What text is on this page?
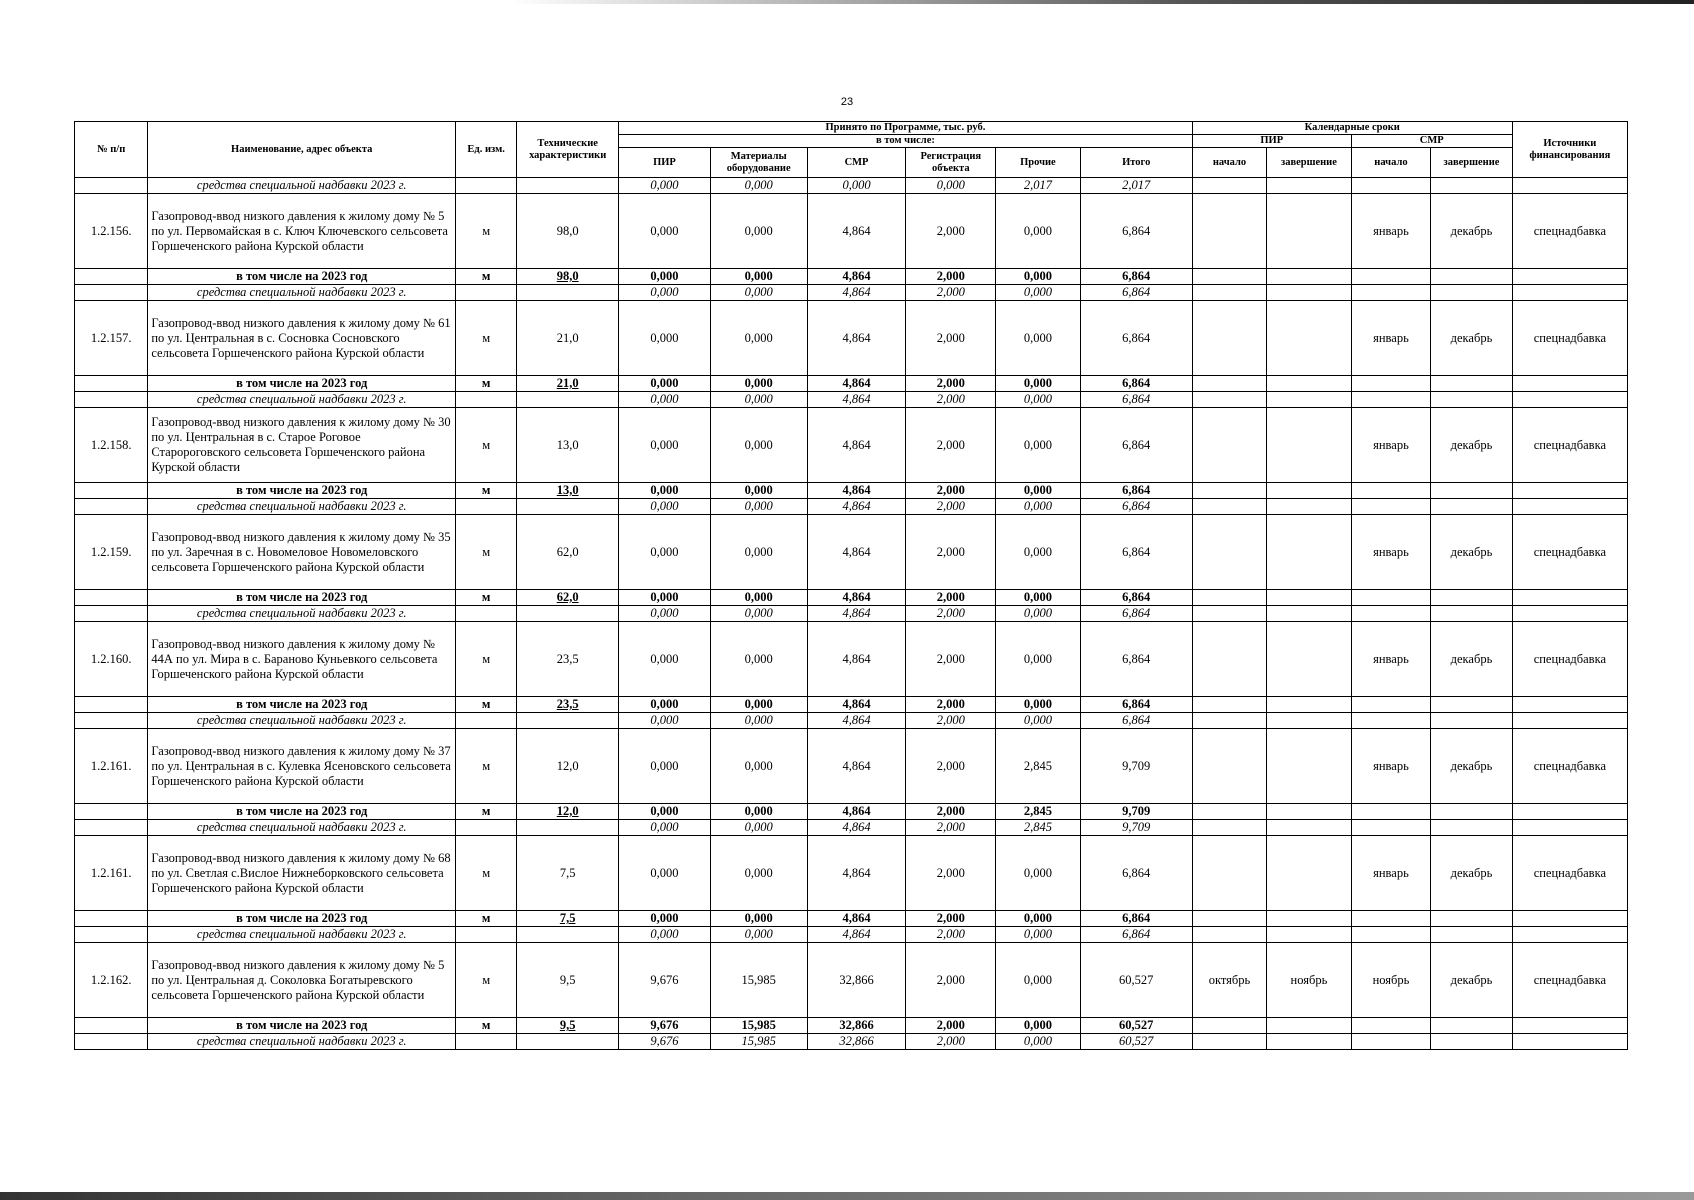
23
№ п/п	Наименование, адрес объекта	Ед. изм.	Технические характеристики	Принято по Программе, тыс. руб.						Календарные сроки				Источники финансирования
				в том числе:						ПИР		СМР		
				ПИР	Материалы оборудование	СМР	Регистрация объекта	Прочие	Итого	начало	завершение	начало	завершение	
	средства специальной надбавки 2023 г.			0,000	0,000	0,000	0,000	2,017	2,017					
1.2.156.	Газопровод-ввод низкого давления к жилому дому № 5 по ул. Первомайская в с. Ключ Ключевского сельсовета Горшеченского района Курской области	м	98,0	0,000	0,000	4,864	2,000	0,000	6,864			январь	декабрь	спецнадбавка
	в том числе на 2023 год	м	98,0	0,000	0,000	4,864	2,000	0,000	6,864					
	средства специальной надбавки 2023 г.			0,000	0,000	4,864	2,000	0,000	6,864					
1.2.157.	Газопровод-ввод низкого давления к жилому дому № 61 по ул. Центральная в с. Сосновка Сосновского сельсовета Горшеченского района Курской области	м	21,0	0,000	0,000	4,864	2,000	0,000	6,864			январь	декабрь	спецнадбавка
	в том числе на 2023 год	м	21,0	0,000	0,000	4,864	2,000	0,000	6,864					
	средства специальной надбавки 2023 г.			0,000	0,000	4,864	2,000	0,000	6,864					
1.2.158.	Газопровод-ввод низкого давления к жилому дому № 30 по ул. Центральная в с. Старое Роговое Старороговского сельсовета Горшеченского района Курской области	м	13,0	0,000	0,000	4,864	2,000	0,000	6,864			январь	декабрь	спецнадбавка
	в том числе на 2023 год	м	13,0	0,000	0,000	4,864	2,000	0,000	6,864					
	средства специальной надбавки 2023 г.			0,000	0,000	4,864	2,000	0,000	6,864					
1.2.159.	Газопровод-ввод низкого давления к жилому дому № 35 по ул. Заречная в с. Новомеловое Новомеловского сельсовета Горшеченского района Курской области	м	62,0	0,000	0,000	4,864	2,000	0,000	6,864			январь	декабрь	спецнадбавка
	в том числе на 2023 год	м	62,0	0,000	0,000	4,864	2,000	0,000	6,864					
	средства специальной надбавки 2023 г.			0,000	0,000	4,864	2,000	0,000	6,864					
1.2.160.	Газопровод-ввод низкого давления к жилому дому № 44А по ул. Мира в с. Бараново Куньевкого сельсовета Горшеченского района Курской области	м	23,5	0,000	0,000	4,864	2,000	0,000	6,864			январь	декабрь	спецнадбавка
	в том числе на 2023 год	м	23,5	0,000	0,000	4,864	2,000	0,000	6,864					
	средства специальной надбавки 2023 г.			0,000	0,000	4,864	2,000	0,000	6,864					
1.2.161.	Газопровод-ввод низкого давления к жилому дому № 37 по ул. Центральная в с. Кулевка Ясеновского сельсовета Горшеченского района Курской области	м	12,0	0,000	0,000	4,864	2,000	2,845	9,709			январь	декабрь	спецнадбавка
	в том числе на 2023 год	м	12,0	0,000	0,000	4,864	2,000	2,845	9,709					
	средства специальной надбавки 2023 г.			0,000	0,000	4,864	2,000	2,845	9,709					
1.2.161.	Газопровод-ввод низкого давления к жилому дому № 68 по ул. Светлая с.Вислое Нижнеборковского сельсовета Горшеченского района Курской области	м	7,5	0,000	0,000	4,864	2,000	0,000	6,864			январь	декабрь	спецнадбавка
	в том числе на 2023 год	м	7,5	0,000	0,000	4,864	2,000	0,000	6,864					
	средства специальной надбавки 2023 г.			0,000	0,000	4,864	2,000	0,000	6,864					
1.2.162.	Газопровод-ввод низкого давления к жилому дому № 5 по ул. Центральная д. Соколовка Богатыревского сельсовета Горшеченского района Курской области	м	9,5	9,676	15,985	32,866	2,000	0,000	60,527	октябрь	ноябрь	ноябрь	декабрь	спецнадбавка
	в том числе на 2023 год	м	9,5	9,676	15,985	32,866	2,000	0,000	60,527					
	средства специальной надбавки 2023 г.			9,676	15,985	32,866	2,000	0,000	60,527					
